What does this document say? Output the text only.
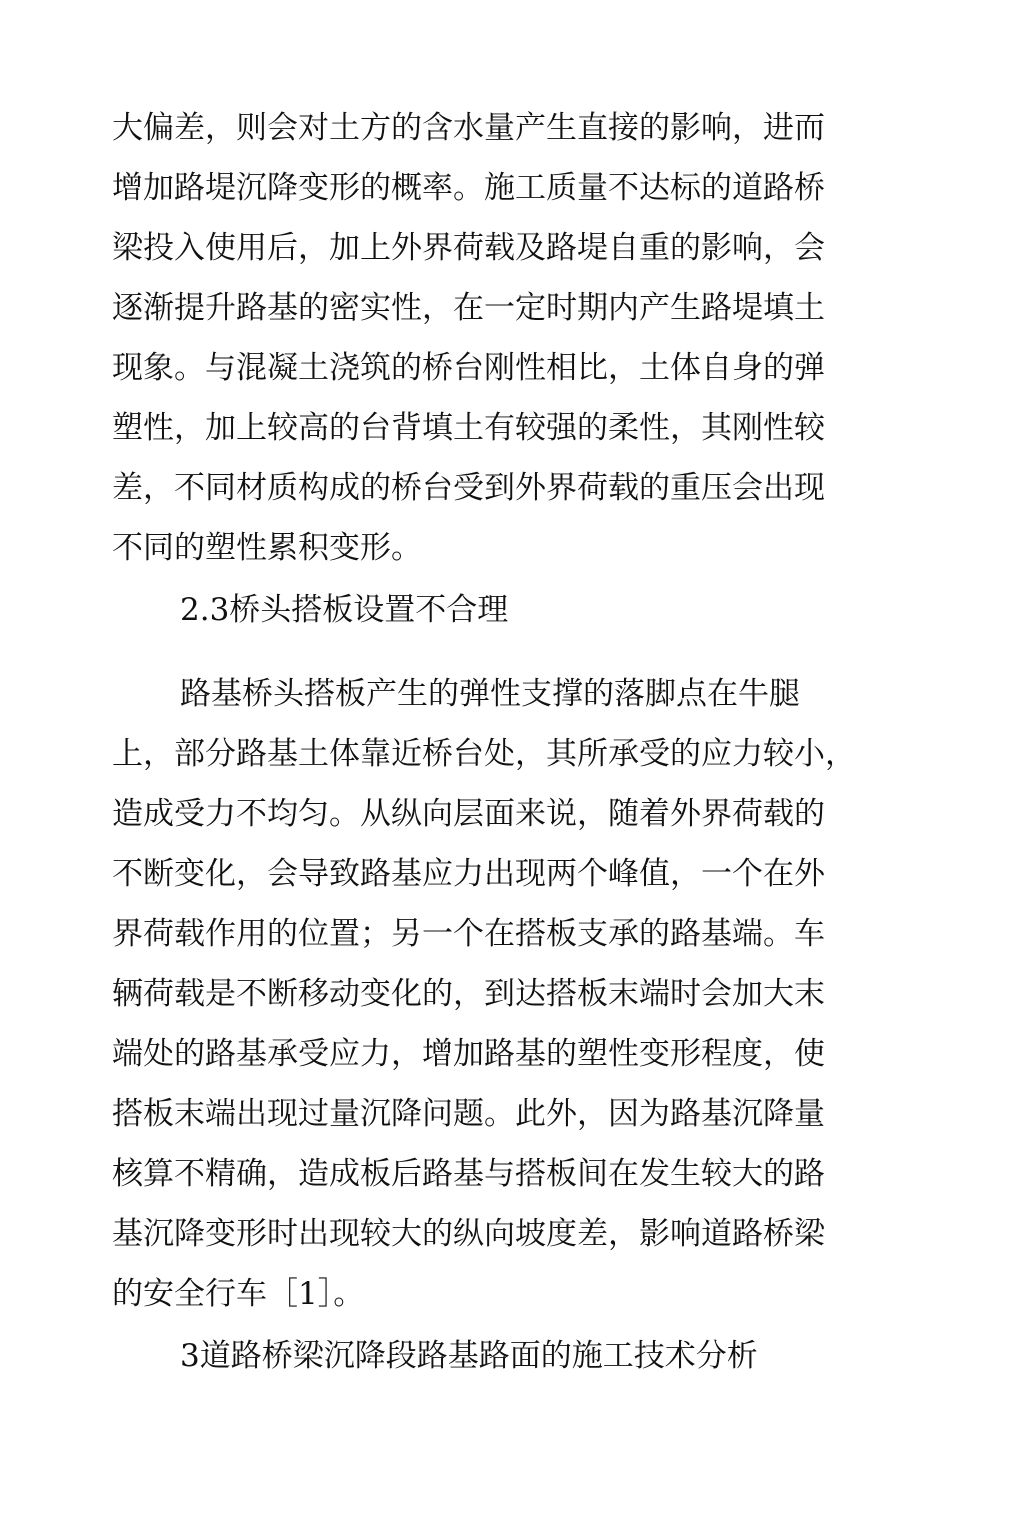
大偏差，则会对土方的含水量产生直接的影响，进而
增加路堤沉降变形的概率。施工质量不达标的道路桥
梁投入使用后，加上外界荷载及路堤自重的影响，会
逐渐提升路基的密实性，在一定时期内产生路堤填土
现象。与混凝土浇筑的桥台刚性相比，土体自身的弹
塑性，加上较高的台背填土有较强的柔性，其刚性较
差，不同材质构成的桥台受到外界荷载的重压会出现
不同的塑性累积变形。
2.3桥头搭板设置不合理
路基桥头搭板产生的弹性支撑的落脚点在牛腿
上，部分路基土体靠近桥台处，其所承受的应力较小，
造成受力不均匀。从纵向层面来说，随着外界荷载的
不断变化，会导致路基应力出现两个峰值，一个在外
界荷载作用的位置；另一个在搭板支承的路基端。车
辆荷载是不断移动变化的，到达搭板末端时会加大末
端处的路基承受应力，增加路基的塑性变形程度，使
搭板末端出现过量沉降问题。此外，因为路基沉降量
核算不精确，造成板后路基与搭板间在发生较大的路
基沉降变形时出现较大的纵向坡度差，影响道路桥梁
的安全行车［1］。
3道路桥梁沉降段路基路面的施工技术分析
